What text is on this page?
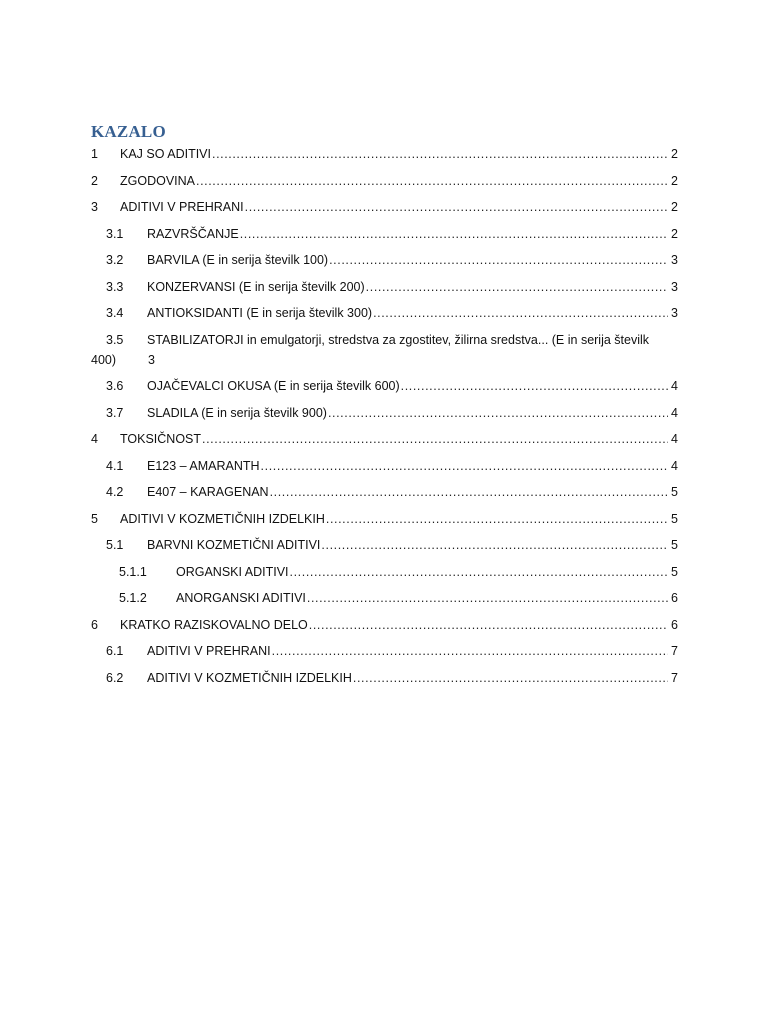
KAZALO
1	KAJ SO ADITIVI .....	2
2	ZGODOVINA .....	2
3	ADITIVI V PREHRANI .....	2
3.1	RAZVRŠČANJE .....	2
3.2	BARVILA (E in serija številk 100) .....	3
3.3	KONZERVANSI (E in serija številk 200) .....	3
3.4	ANTIOKSIDANTI (E in serija številk 300) .....	3
3.5	STABILIZATORJI in emulgatorji, stredstva za zgostitev, žilirna sredstva... (E in serija številk
400)	3
3.6	OJAČEVALCI OKUSA (E in serija številk 600) .....	4
3.7	SLADILA (E in serija številk 900) .....	4
4	TOKSIČNOST .....	4
4.1	E123 – AMARANTH .....	4
4.2	E407 – KARAGENAN .....	5
5	ADITIVI V KOZMETIČNIH IZDELKIH .....	5
5.1	BARVNI KOZMETIČNI ADITIVI .....	5
5.1.1	ORGANSKI ADITIVI .....	5
5.1.2	ANORGANSKI ADITIVI .....	6
6	KRATKO RAZISKOVALNO DELO .....	6
6.1	ADITIVI V PREHRANI .....	7
6.2	ADITIVI V KOZMETIČNIH IZDELKIH .....	7
